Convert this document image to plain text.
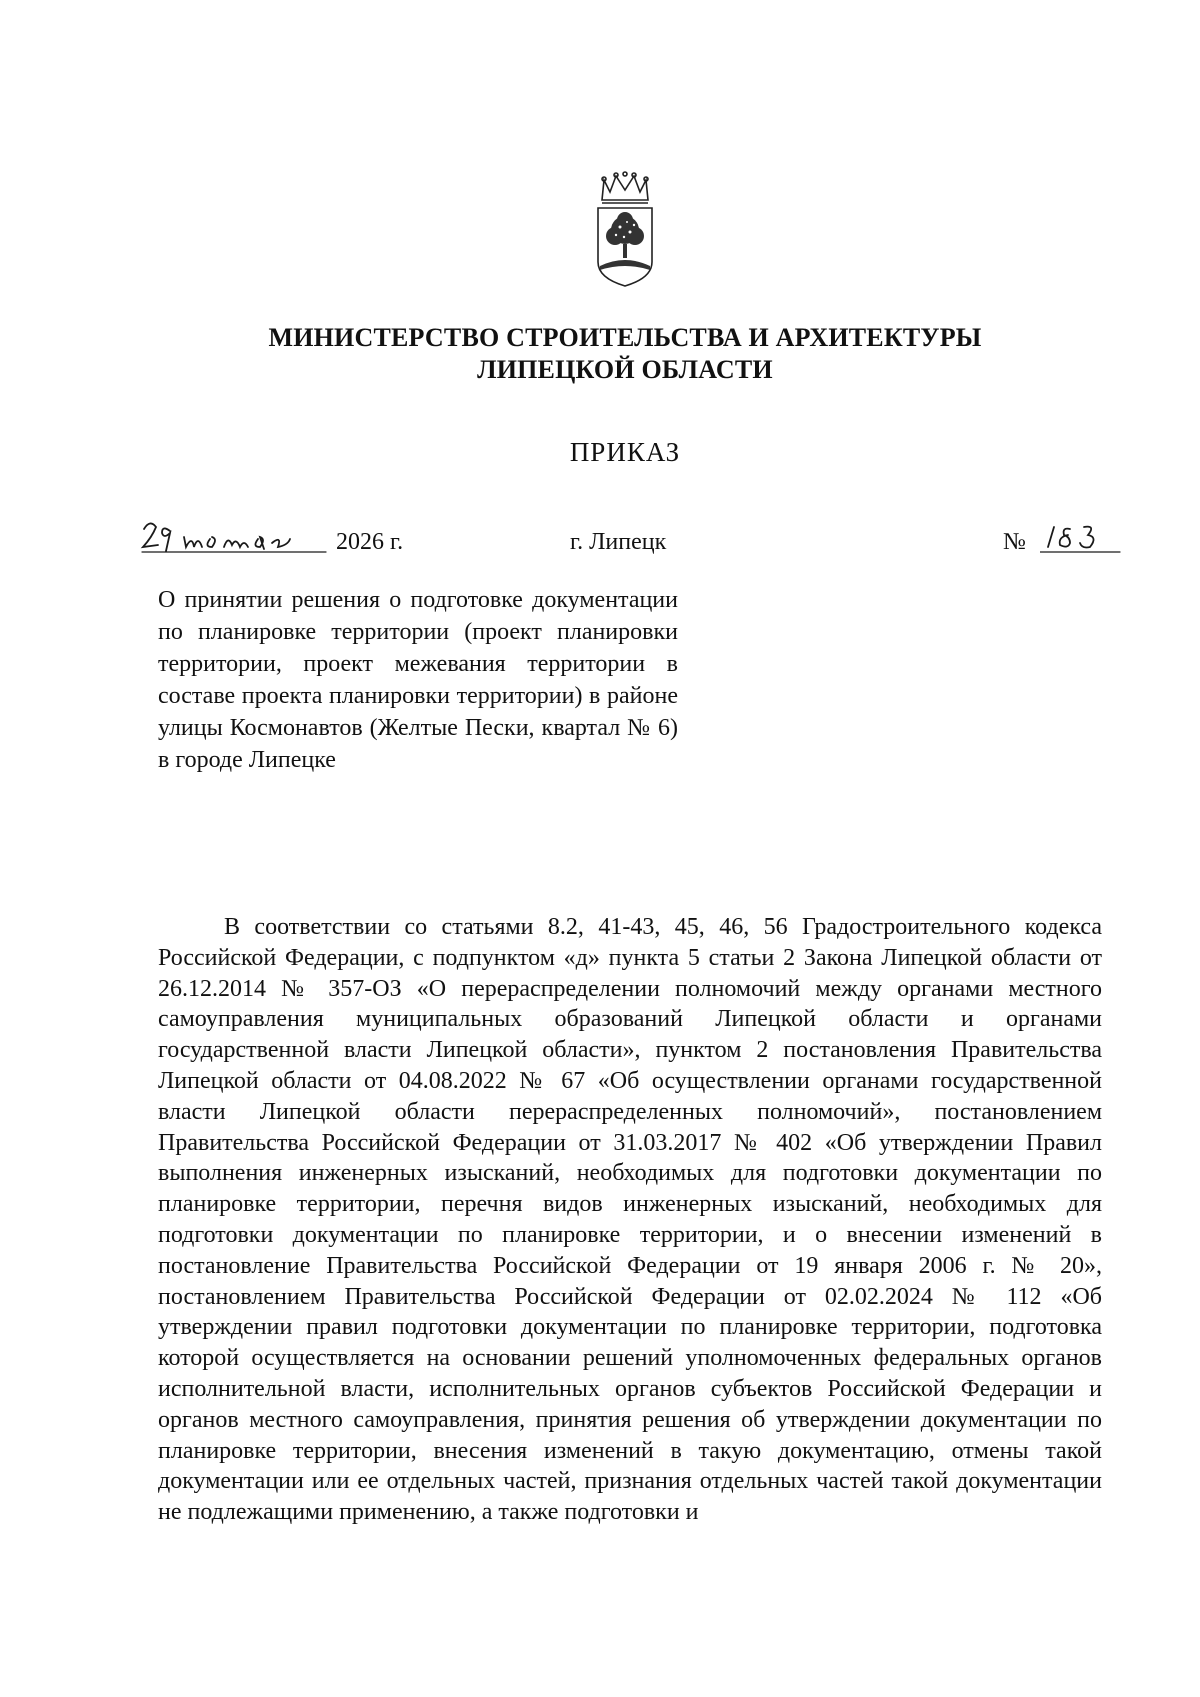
МИНИСТЕРСТВО СТРОИТЕЛЬСТВА И АРХИТЕКТУРЫ
ЛИПЕЦКОЙ ОБЛАСТИ
ПРИКАЗ
2026 г.	г. Липецк	№
О принятии решения о подготовке документации по планировке территории (проект планировки территории, проект межевания территории в составе проекта планировки территории) в районе улицы Космонавтов (Желтые Пески, квартал № 6) в городе Липецке
В соответствии со статьями 8.2, 41-43, 45, 46, 56 Градостроительного кодекса Российской Федерации, с подпунктом «д» пункта 5 статьи 2 Закона Липецкой области от 26.12.2014 № 357-ОЗ «О перераспределении полномочий между органами местного самоуправления муниципальных образований Липецкой области и органами государственной власти Липецкой области», пунктом 2 постановления Правительства Липецкой области от 04.08.2022 № 67 «Об осуществлении органами государственной власти Липецкой области перераспределенных полномочий», постановлением Правительства Российской Федерации от 31.03.2017 № 402 «Об утверждении Правил выполнения инженерных изысканий, необходимых для подготовки документации по планировке территории, перечня видов инженерных изысканий, необходимых для подготовки документации по планировке территории, и о внесении изменений в постановление Правительства Российской Федерации от 19 января 2006 г. № 20», постановлением Правительства Российской Федерации от 02.02.2024 № 112 «Об утверждении правил подготовки документации по планировке территории, подготовка которой осуществляется на основании решений уполномоченных федеральных органов исполнительной власти, исполнительных органов субъектов Российской Федерации и органов местного самоуправления, принятия решения об утверждении документации по планировке территории, внесения изменений в такую документацию, отмены такой документации или ее отдельных частей, признания отдельных частей такой документации не подлежащими применению, а также подготовки и
